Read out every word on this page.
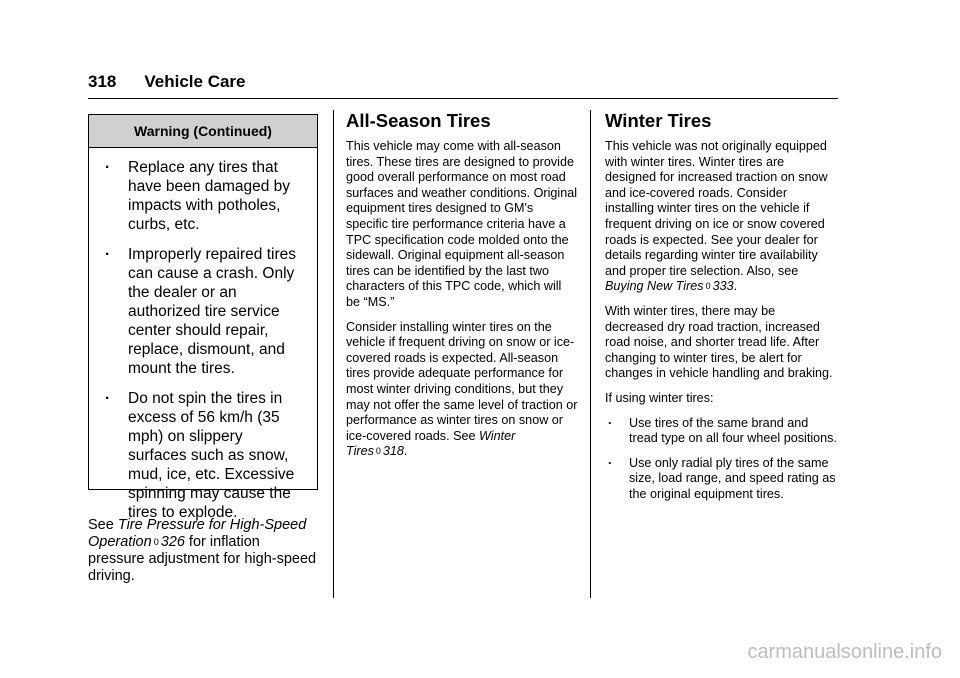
318 Vehicle Care
Warning (Continued)
. Replace any tires that have been damaged by impacts with potholes, curbs, etc.
. Improperly repaired tires can cause a crash. Only the dealer or an authorized tire service center should repair, replace, dismount, and mount the tires.
. Do not spin the tires in excess of 56 km/h (35 mph) on slippery surfaces such as snow, mud, ice, etc. Excessive spinning may cause the tires to explode.

See Tire Pressure for High-Speed Operation 0 326 for inflation pressure adjustment for high-speed driving.

All-Season Tires

This vehicle may come with all-season tires. These tires are designed to provide good overall performance on most road surfaces and weather conditions. Original equipment tires designed to GM's specific tire performance criteria have a TPC specification code molded onto the sidewall. Original equipment all-season tires can be identified by the last two characters of this TPC code, which will be “MS.”

Consider installing winter tires on the vehicle if frequent driving on snow or ice-covered roads is expected. All-season tires provide adequate performance for most winter driving conditions, but they may not offer the same level of traction or performance as winter tires on snow or ice-covered roads. See Winter Tires 0 318.

Winter Tires

This vehicle was not originally equipped with winter tires. Winter tires are designed for increased traction on snow and ice-covered roads. Consider installing winter tires on the vehicle if frequent driving on ice or snow covered roads is expected. See your dealer for details regarding winter tire availability and proper tire selection. Also, see Buying New Tires 0 333.

With winter tires, there may be decreased dry road traction, increased road noise, and shorter tread life. After changing to winter tires, be alert for changes in vehicle handling and braking.

If using winter tires:

. Use tires of the same brand and tread type on all four wheel positions.
. Use only radial ply tires of the same size, load range, and speed rating as the original equipment tires.
carmanualsonline.info
